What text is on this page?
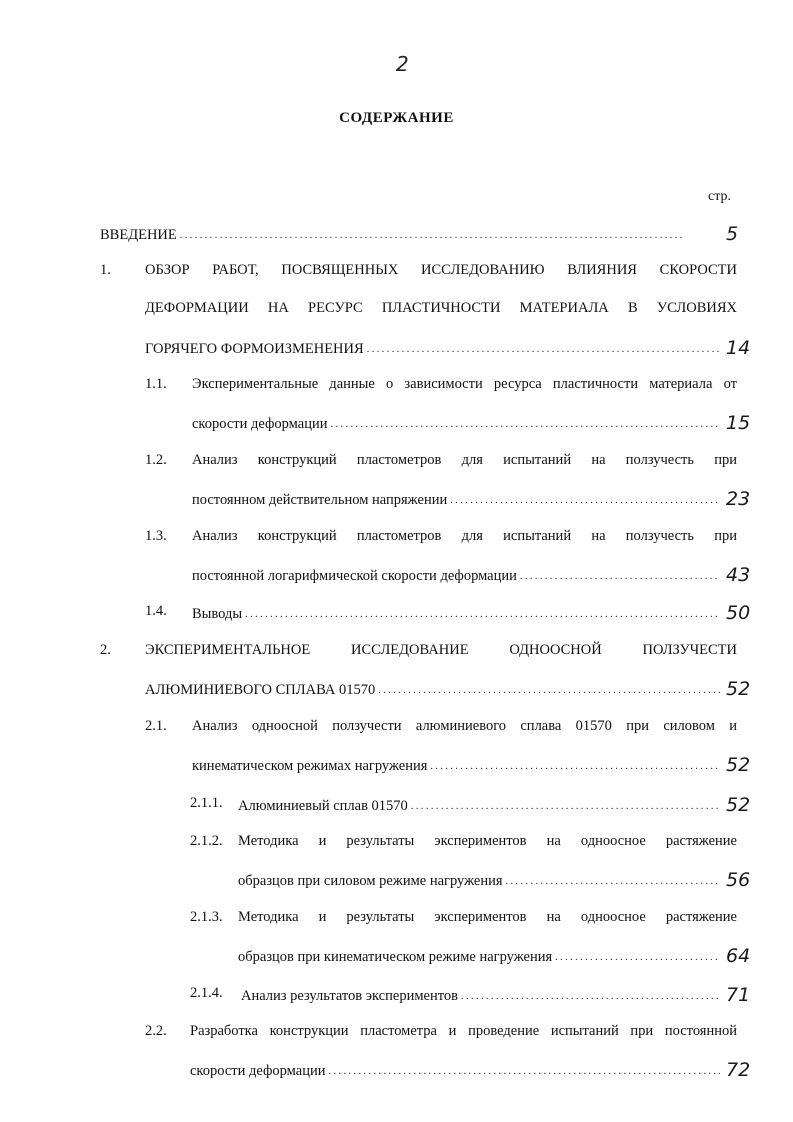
2
СОДЕРЖАНИЕ
стр.
ВВЕДЕНИЕ . . .	5
1. ОБЗОР РАБОТ, ПОСВЯЩЕННЫХ ИССЛЕДОВАНИЮ ВЛИЯНИЯ СКОРОСТИ
ДЕФОРМАЦИИ НА РЕСУРС ПЛАСТИЧНОСТИ МАТЕРИАЛА В УСЛОВИЯХ
ГОРЯЧЕГО ФОРМОИЗМЕНЕНИЯ . . .	14
1.1. Экспериментальные данные о зависимости ресурса пластичности материала от
скорости деформации . . .	15
1.2. Анализ конструкций пластометров для испытаний на ползучесть при
постоянном действительном напряжении . . .	23
1.3. Анализ конструкций пластометров для испытаний на ползучесть при
постоянной логарифмической скорости деформации . . .	43
1.4. Выводы . . .	50
2. ЭКСПЕРИМЕНТАЛЬНОЕ ИССЛЕДОВАНИЕ ОДНООСНОЙ ПОЛЗУЧЕСТИ
АЛЮМИНИЕВОГО СПЛАВА 01570 . . .	52
2.1. Анализ одноосной ползучести алюминиевого сплава 01570 при силовом и
кинематическом режимах нагружения . . .	52
2.1.1. Алюминиевый сплав 01570 . . .	52
2.1.2. Методика и результаты экспериментов на одноосное растяжение
образцов при силовом режиме нагружения . . .	56
2.1.3. Методика и результаты экспериментов на одноосное растяжение
образцов при кинематическом режиме нагружения . . .	64
2.1.4. Анализ результатов экспериментов . . .	71
2.2. Разработка конструкции пластометра и проведение испытаний при постоянной
скорости деформации . . .	72
